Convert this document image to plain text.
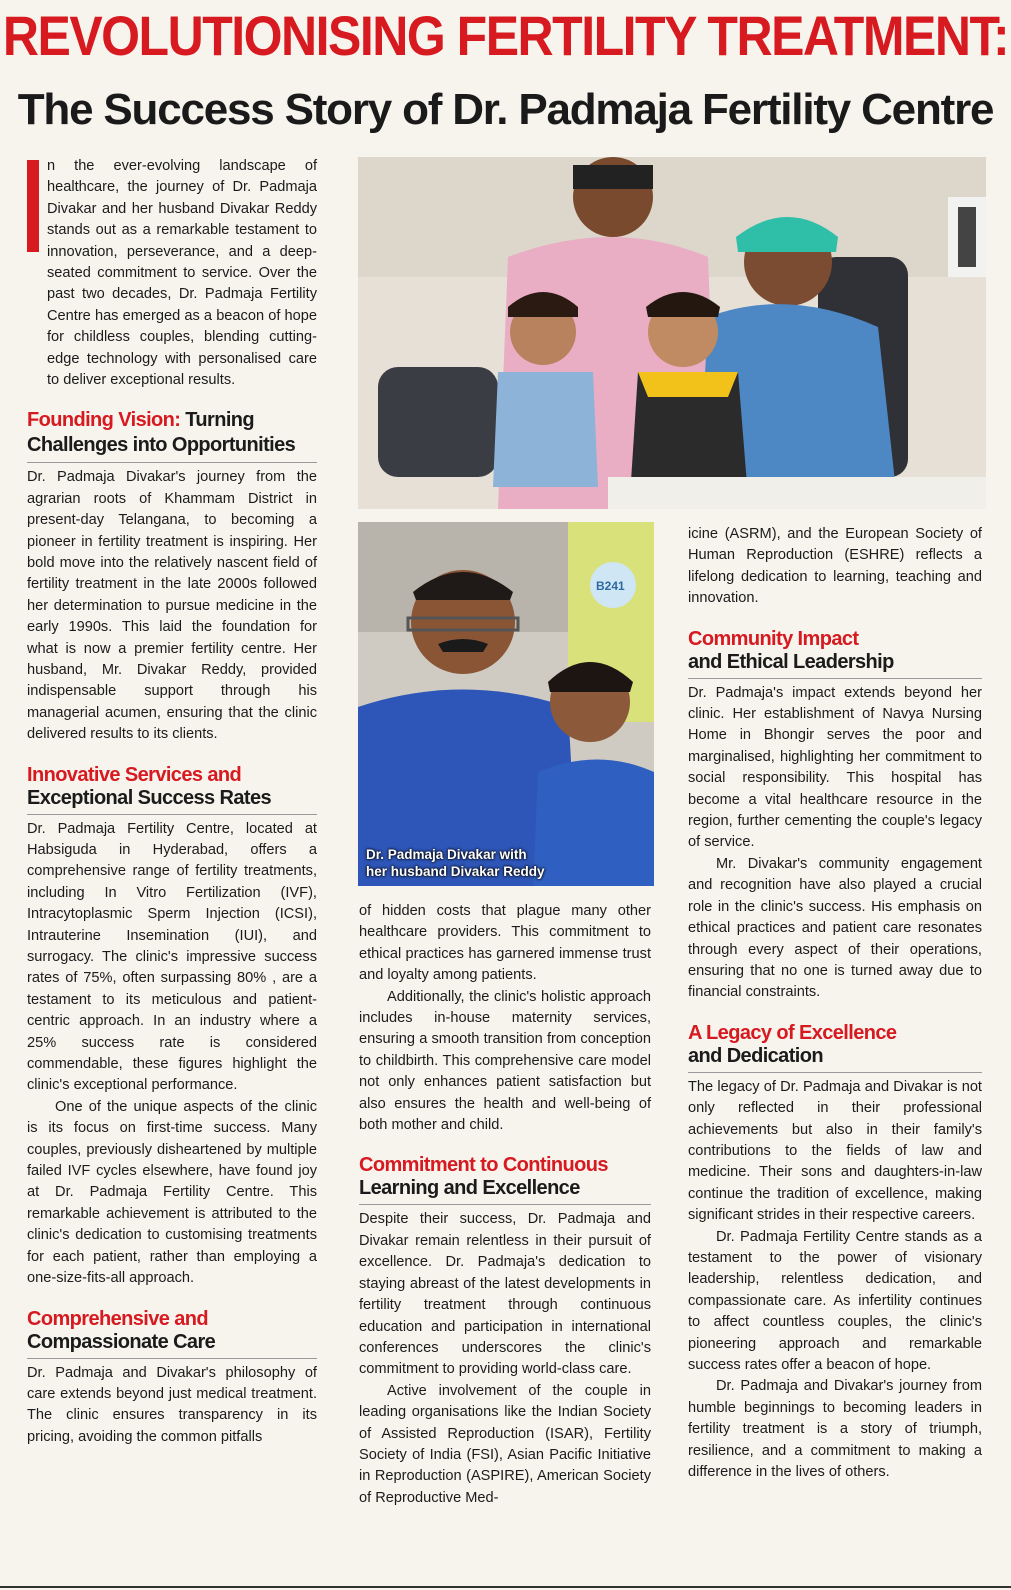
REVOLUTIONISING FERTILITY TREATMENT:
The Success Story of Dr. Padmaja Fertility Centre

n the ever-evolving landscape of healthcare, the journey of Dr. Padmaja Divakar and her husband Divakar Reddy stands out as a remarkable testament to innovation, perseverance, and a deep-seated commitment to service. Over the past two decades, Dr. Padmaja Fertility Centre has emerged as a beacon of hope for childless couples, blending cutting-edge technology with personalised care to deliver exceptional results.

Founding Vision: Turning Challenges into Opportunities

Dr. Padmaja Divakar's journey from the agrarian roots of Khammam District in present-day Telangana, to becoming a pioneer in fertility treatment is inspiring. Her bold move into the relatively nascent field of fertility treatment in the late 2000s followed her determination to pursue medicine in the early 1990s. This laid the foundation for what is now a premier fertility centre. Her husband, Mr. Divakar Reddy, provided indispensable support through his managerial acumen, ensuring that the clinic delivered results to its clients.

Innovative Services and
Exceptional Success Rates

Dr. Padmaja Fertility Centre, located at Habsiguda in Hyderabad, offers a comprehensive range of fertility treatments, including In Vitro Fertilization (IVF), Intracytoplasmic Sperm Injection (ICSI), Intrauterine Insemination (IUI), and surrogacy. The clinic's impressive success rates of 75%, often surpassing 80% , are a testament to its meticulous and patient-centric approach. In an industry where a 25% success rate is considered commendable, these figures highlight the clinic's exceptional performance.

One of the unique aspects of the clinic is its focus on first-time success. Many couples, previously disheartened by multiple failed IVF cycles elsewhere, have found joy at Dr. Padmaja Fertility Centre. This remarkable achievement is attributed to the clinic's dedication to customising treatments for each patient, rather than employing a one-size-fits-all approach.

Comprehensive and
Compassionate Care

Dr. Padmaja and Divakar's philosophy of care extends beyond just medical treatment. The clinic ensures transparency in its pricing, avoiding the common pitfalls

B241
Dr. Padmaja Divakar with
her husband Divakar Reddy

of hidden costs that plague many other healthcare providers. This commitment to ethical practices has garnered immense trust and loyalty among patients.

Additionally, the clinic's holistic approach includes in-house maternity services, ensuring a smooth transition from conception to childbirth. This comprehensive care model not only enhances patient satisfaction but also ensures the health and well-being of both mother and child.

Commitment to Continuous
Learning and Excellence

Despite their success, Dr. Padmaja and Divakar remain relentless in their pursuit of excellence. Dr. Padmaja's dedication to staying abreast of the latest developments in fertility treatment through continuous education and participation in international conferences underscores the clinic's commitment to providing world-class care.

Active involvement of the couple in leading organisations like the Indian Society of Assisted Reproduction (ISAR), Fertility Society of India (FSI), Asian Pacific Initiative in Reproduction (ASPIRE), American Society of Reproductive Med-

icine (ASRM), and the European Society of Human Reproduction (ESHRE) reflects a lifelong dedication to learning, teaching and innovation.

Community Impact
and Ethical Leadership

Dr. Padmaja's impact extends beyond her clinic. Her establishment of Navya Nursing Home in Bhongir serves the poor and marginalised, highlighting her commitment to social responsibility. This hospital has become a vital healthcare resource in the region, further cementing the couple's legacy of service.

Mr. Divakar's community engagement and recognition have also played a crucial role in the clinic's success. His emphasis on ethical practices and patient care resonates through every aspect of their operations, ensuring that no one is turned away due to financial constraints.

A Legacy of Excellence
and Dedication

The legacy of Dr. Padmaja and Divakar is not only reflected in their professional achievements but also in their family's contributions to the fields of law and medicine. Their sons and daughters-in-law continue the tradition of excellence, making significant strides in their respective careers.

Dr. Padmaja Fertility Centre stands as a testament to the power of visionary leadership, relentless dedication, and compassionate care. As infertility continues to affect countless couples, the clinic's pioneering approach and remarkable success rates offer a beacon of hope.

Dr. Padmaja and Divakar's journey from humble beginnings to becoming leaders in fertility treatment is a story of triumph, resilience, and a commitment to making a difference in the lives of others.
